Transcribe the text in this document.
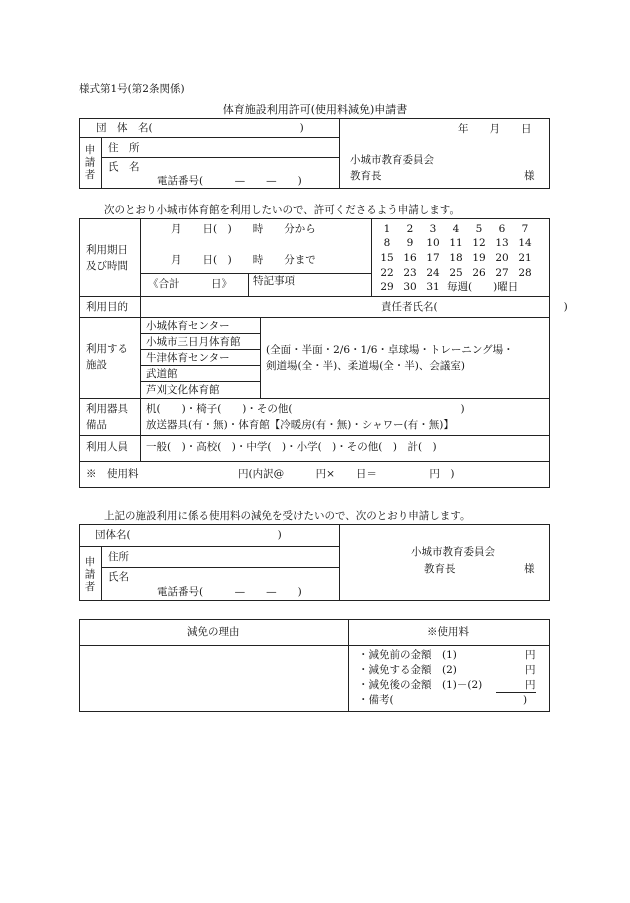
様式第1号(第2条関係)
体育施設利用許可(使用料減免)申請書
団　体　名(　　　　　　　　　　　　　　)
申請者 住　所
氏　名
電話番号(　　　—　　—　　)
年　　月　　日
小城市教育委員会
教育長	様
次のとおり小城市体育館を利用したいので、許可くださるよう申請します。
利用期日
及び時間
月　　日(　)　　時　　分から
月　　日(　)　　時　　分まで
《合計　　　日》 特記事項
1	2	3	4	5	6	7
8	9	10 11 12 13 14
15 16 17 18 19 20 21
22 23 24 25 26 27 28
29 30 31 毎週(　　)曜日
利用目的	責任者氏名(　　　　　　　　　　　　)
利用する
施設
小城体育センター
小城市三日月体育館
牛津体育センター
武道館
芦刈文化体育館
(全面・半面・2/6・1/6・卓球場・トレーニング場・
剣道場(全・半)、柔道場(全・半)、会議室)
利用器具
備品
机(　　)・椅子(　　)・その他(　　　　　　　　　　　　　　　　)
放送器具(有・無)・体育館【冷暖房(有・無)・シャワー(有・無)】
利用人員 一般(　)・高校(　)・中学(　)・小学(　)・その他(　)　計(　)
※　使用料	円(内訳@　　　円×　　日＝　　　　　円　)
上記の施設利用に係る使用料の減免を受けたいので、次のとおり申請します。
団体名(　　　　　　　　　　　　　　)
申請者 住所
氏名
電話番号(　　　—　　—　　)
小城市教育委員会
教育長	様
減免の理由	※使用料
・減免前の金額　(1)	円
・減免する金額　(2)	円
・減免後の金額　(1)－(2)	円
・備考(	)
